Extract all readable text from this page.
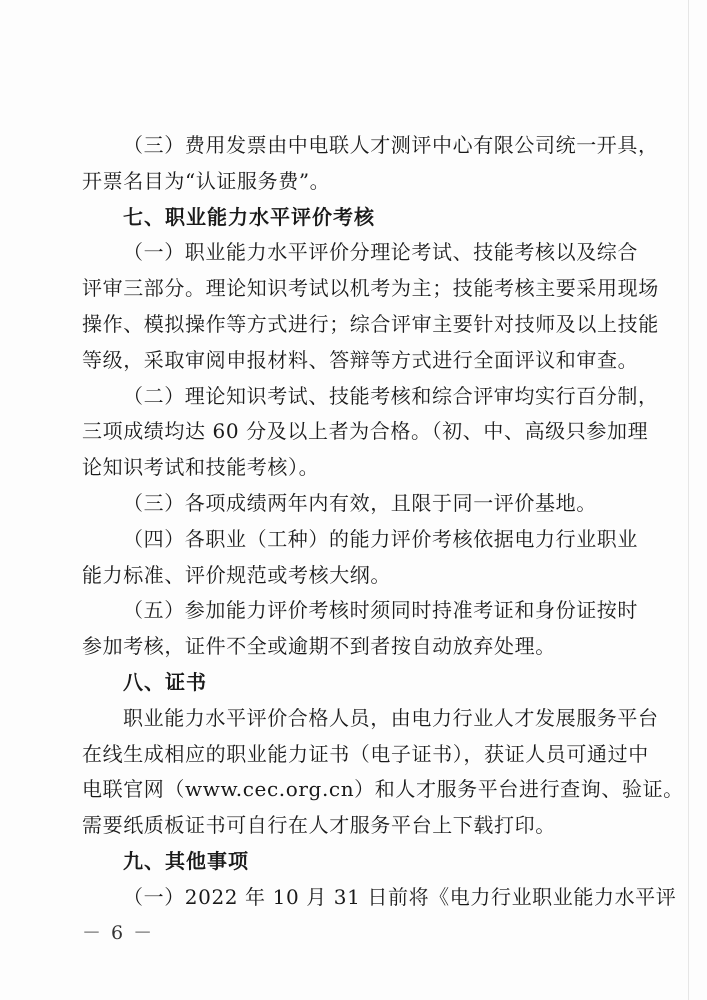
（三）费用发票由中电联人才测评中心有限公司统一开具，
开票名目为“认证服务费”。
七、职业能力水平评价考核
（一）职业能力水平评价分理论考试、技能考核以及综合
评审三部分。理论知识考试以机考为主；技能考核主要采用现场
操作、模拟操作等方式进行；综合评审主要针对技师及以上技能
等级，采取审阅申报材料、答辩等方式进行全面评议和审查。
（二）理论知识考试、技能考核和综合评审均实行百分制，
三项成绩均达 60 分及以上者为合格。（初、中、高级只参加理
论知识考试和技能考核）。
（三）各项成绩两年内有效，且限于同一评价基地。
（四）各职业（工种）的能力评价考核依据电力行业职业
能力标准、评价规范或考核大纲。
（五）参加能力评价考核时须同时持准考证和身份证按时
参加考核，证件不全或逾期不到者按自动放弃处理。
八、证书
职业能力水平评价合格人员，由电力行业人才发展服务平台
在线生成相应的职业能力证书（电子证书），获证人员可通过中
电联官网（www.cec.org.cn）和人才服务平台进行查询、验证。
需要纸质板证书可自行在人才服务平台上下载打印。
九、其他事项
（一）2022 年 10 月 31 日前将《电力行业职业能力水平评
－ 6 －
